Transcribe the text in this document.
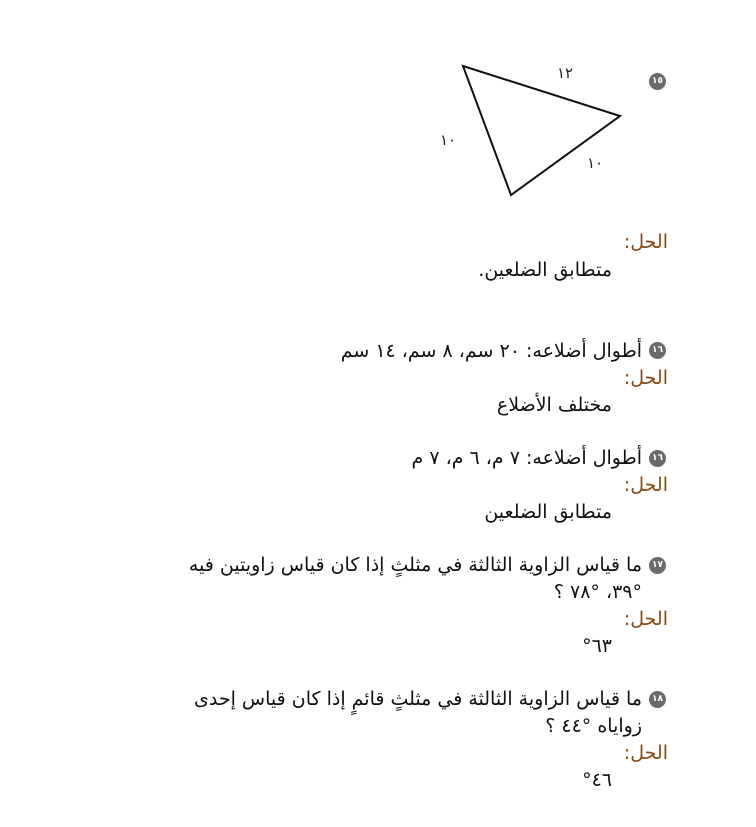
١٥
١٢
١٠
١٠
الحل:
متطابق الضلعين.
١٦
أطوال أضلاعه: ٢٠ سم، ٨ سم، ١٤ سم
الحل:
مختلف الأضلاع
١٦
أطوال أضلاعه: ٧ م، ٦ م، ٧ م
الحل:
متطابق الضلعين
١٧
ما قياس الزاوية الثالثة في مثلثٍ إذا كان قياس زاويتين فيه
°٣٩، °٧٨ ؟
الحل:
°٦٣
١٨
ما قياس الزاوية الثالثة في مثلثٍ قائمٍ إذا كان قياس إحدى
زواياه °٤٤ ؟
الحل:
°٤٦
